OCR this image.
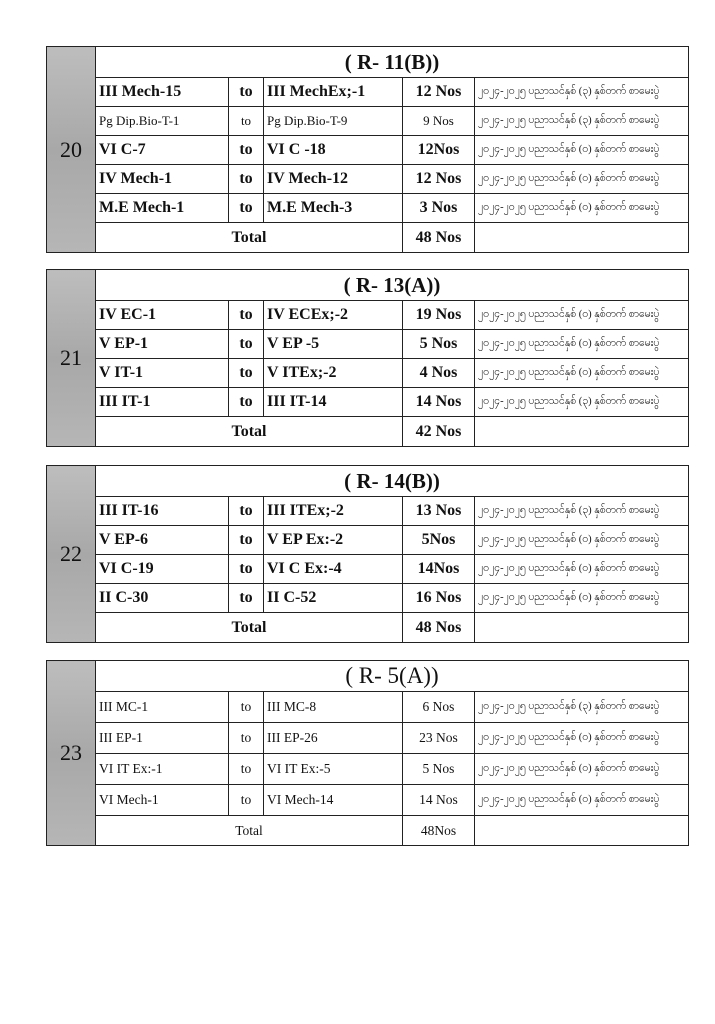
20	( R- 11(B))				
	III Mech-15	to	III MechEx;-1	12 Nos	၂၀၂၄-၂၀၂၅ ပညာသင်နှစ် (၃) နှစ်တက် စာမေးပွဲ
	Pg Dip.Bio-T-1	to	Pg Dip.Bio-T-9	9 Nos	၂၀၂၄-၂၀၂၅ ပညာသင်နှစ် (၃) နှစ်တက် စာမေးပွဲ
	VI C-7	to	VI C -18	12Nos	၂၀၂၄-၂၀၂၅ ပညာသင်နှစ် (၀) နှစ်တက် စာမေးပွဲ
	IV Mech-1	to	IV Mech-12	12 Nos	၂၀၂၄-၂၀၂၅ ပညာသင်နှစ် (၀) နှစ်တက် စာမေးပွဲ
	M.E Mech-1	to	M.E Mech-3	3 Nos	၂၀၂၄-၂၀၂၅ ပညာသင်နှစ် (၀) နှစ်တက် စာမေးပွဲ
	Total			48 Nos	
21	( R- 13(A))				
	IV EC-1	to	IV ECEx;-2	19 Nos	၂၀၂၄-၂၀၂၅ ပညာသင်နှစ် (၀) နှစ်တက် စာမေးပွဲ
	V EP-1	to	V EP -5	5 Nos	၂၀၂၄-၂၀၂၅ ပညာသင်နှစ် (၀) နှစ်တက် စာမေးပွဲ
	V IT-1	to	V ITEx;-2	4 Nos	၂၀၂၄-၂၀၂၅ ပညာသင်နှစ် (၀) နှစ်တက် စာမေးပွဲ
	III IT-1	to	III IT-14	14 Nos	၂၀၂၄-၂၀၂၅ ပညာသင်နှစ် (၃) နှစ်တက် စာမေးပွဲ
	Total			42 Nos	
22	( R- 14(B))				
	III IT-16	to	III ITEx;-2	13 Nos	၂၀၂၄-၂၀၂၅ ပညာသင်နှစ် (၃) နှစ်တက် စာမေးပွဲ
	V EP-6	to	V EP Ex:-2	5Nos	၂၀၂၄-၂၀၂၅ ပညာသင်နှစ် (၀) နှစ်တက် စာမေးပွဲ
	VI C-19	to	VI C Ex:-4	14Nos	၂၀၂၄-၂၀၂၅ ပညာသင်နှစ် (၀) နှစ်တက် စာမေးပွဲ
	II C-30	to	II C-52	16 Nos	၂၀၂၄-၂၀၂၅ ပညာသင်နှစ် (၀) နှစ်တက် စာမေးပွဲ
	Total			48 Nos	
23	( R- 5(A))				
	III MC-1	to	III MC-8	6 Nos	၂၀၂၄-၂၀၂၅ ပညာသင်နှစ် (၃) နှစ်တက် စာမေးပွဲ
	III EP-1	to	III EP-26	23 Nos	၂၀၂၄-၂၀၂၅ ပညာသင်နှစ် (၀) နှစ်တက် စာမေးပွဲ
	VI IT Ex:-1	to	VI IT Ex:-5	5 Nos	၂၀၂၄-၂၀၂၅ ပညာသင်နှစ် (၀) နှစ်တက် စာမေးပွဲ
	VI Mech-1	to	VI Mech-14	14 Nos	၂၀၂၄-၂၀၂၅ ပညာသင်နှစ် (၀) နှစ်တက် စာမေးပွဲ
	Total			48Nos	
